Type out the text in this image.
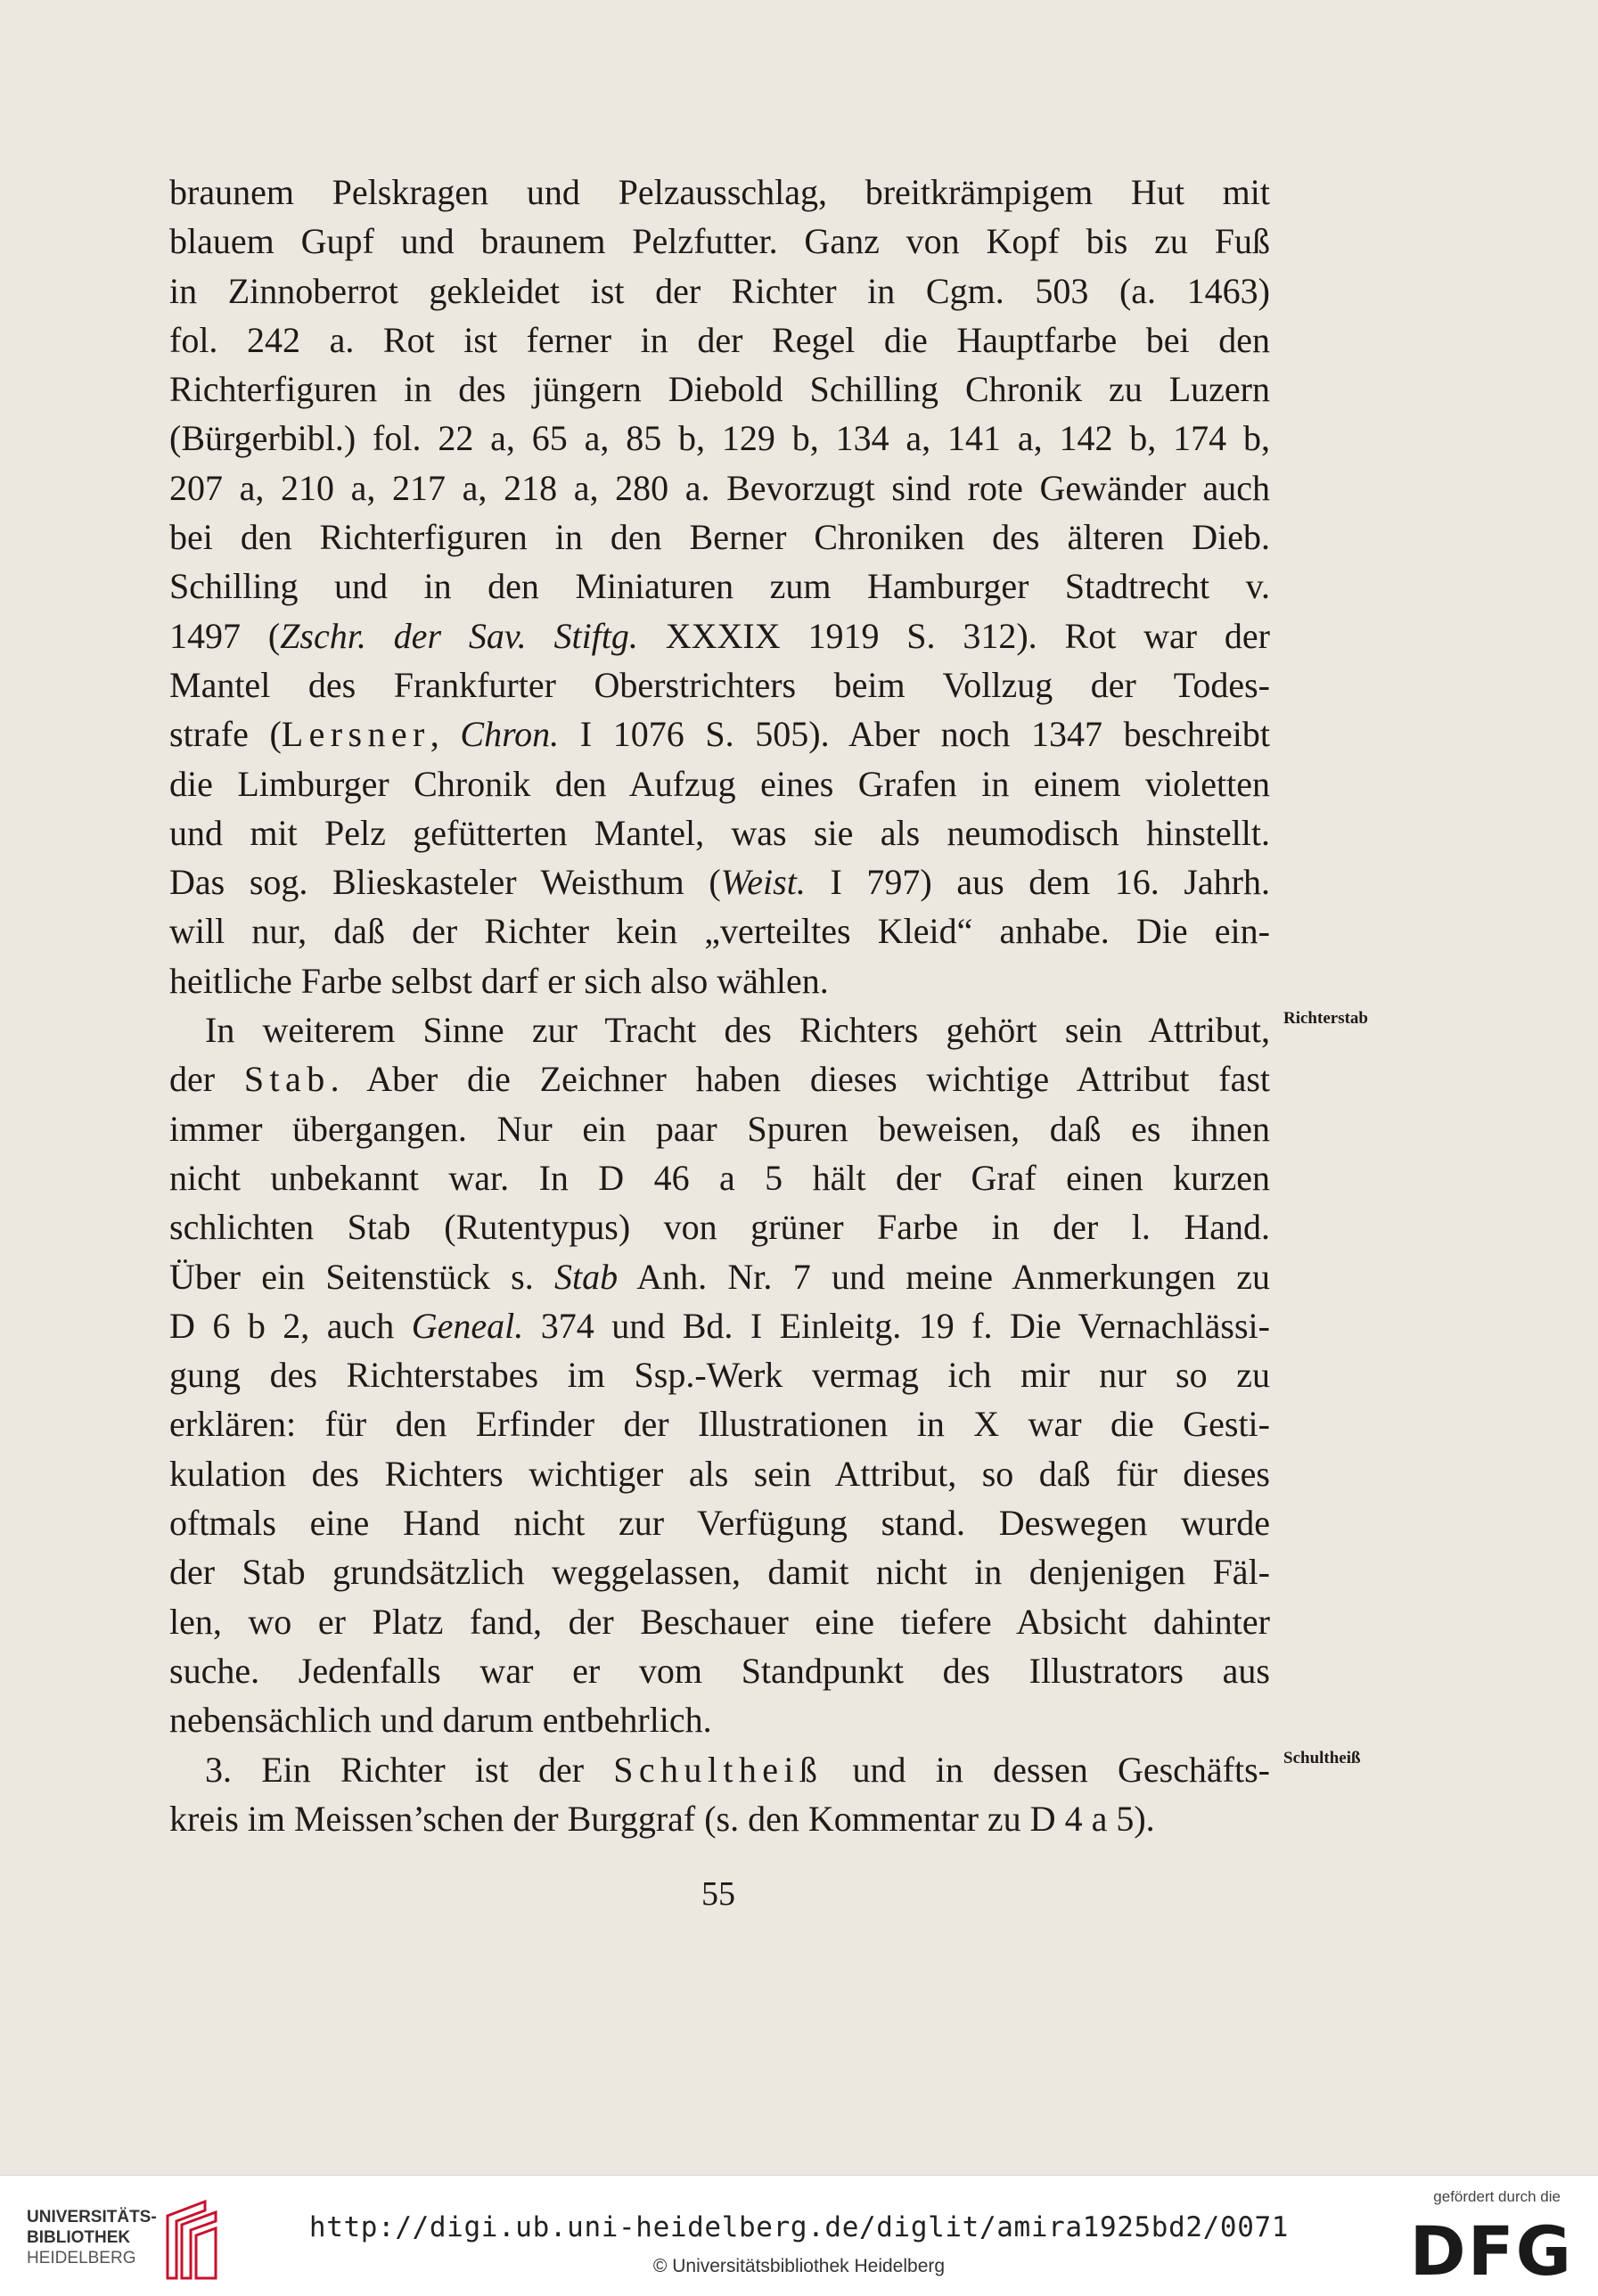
braunem Pelskragen und Pelzausschlag, breitkrämpigem Hut mit
blauem Gupf und braunem Pelzfutter. Ganz von Kopf bis zu Fuß
in Zinnoberrot gekleidet ist der Richter in Cgm. 503 (a. 1463)
fol. 242 a. Rot ist ferner in der Regel die Hauptfarbe bei den
Richterfiguren in des jüngern Diebold Schilling Chronik zu Luzern
(Bürgerbibl.) fol. 22 a, 65 a, 85 b, 129 b, 134 a, 141 a, 142 b, 174 b,
207 a, 210 a, 217 a, 218 a, 280 a. Bevorzugt sind rote Gewänder auch
bei den Richterfiguren in den Berner Chroniken des älteren Dieb.
Schilling und in den Miniaturen zum Hamburger Stadtrecht v.
1497 (Zschr. der Sav. Stiftg. XXXIX 1919 S. 312). Rot war der
Mantel des Frankfurter Oberstrichters beim Vollzug der Todes-
strafe (Lersner, Chron. I 1076 S. 505). Aber noch 1347 beschreibt
die Limburger Chronik den Aufzug eines Grafen in einem violetten
und mit Pelz gefütterten Mantel, was sie als neumodisch hinstellt.
Das sog. Blieskasteler Weisthum (Weist. I 797) aus dem 16. Jahrh.
will nur, daß der Richter kein „verteiltes Kleid“ anhabe. Die ein-
heitliche Farbe selbst darf er sich also wählen.
In weiterem Sinne zur Tracht des Richters gehört sein Attribut,
der Stab. Aber die Zeichner haben dieses wichtige Attribut fast
immer übergangen. Nur ein paar Spuren beweisen, daß es ihnen
nicht unbekannt war. In D 46 a 5 hält der Graf einen kurzen
schlichten Stab (Rutentypus) von grüner Farbe in der l. Hand.
Über ein Seitenstück s. Stab Anh. Nr. 7 und meine Anmerkungen zu
D 6 b 2, auch Geneal. 374 und Bd. I Einleitg. 19 f. Die Vernachlässi-
gung des Richterstabes im Ssp.-Werk vermag ich mir nur so zu
erklären: für den Erfinder der Illustrationen in X war die Gesti-
kulation des Richters wichtiger als sein Attribut, so daß für dieses
oftmals eine Hand nicht zur Verfügung stand. Deswegen wurde
der Stab grundsätzlich weggelassen, damit nicht in denjenigen Fäl-
len, wo er Platz fand, der Beschauer eine tiefere Absicht dahinter
suche. Jedenfalls war er vom Standpunkt des Illustrators aus
nebensächlich und darum entbehrlich.
3. Ein Richter ist der Schultheiß und in dessen Geschäfts-
kreis im Meissen’schen der Burggraf (s. den Kommentar zu D 4 a 5).
Richterstab
Schultheiß
55
UNIVERSITÄTS-
BIBLIOTHEK
HEIDELBERG
http://digi.ub.uni-heidelberg.de/diglit/amira1925bd2/0071
© Universitätsbibliothek Heidelberg
gefördert durch die
DFG
